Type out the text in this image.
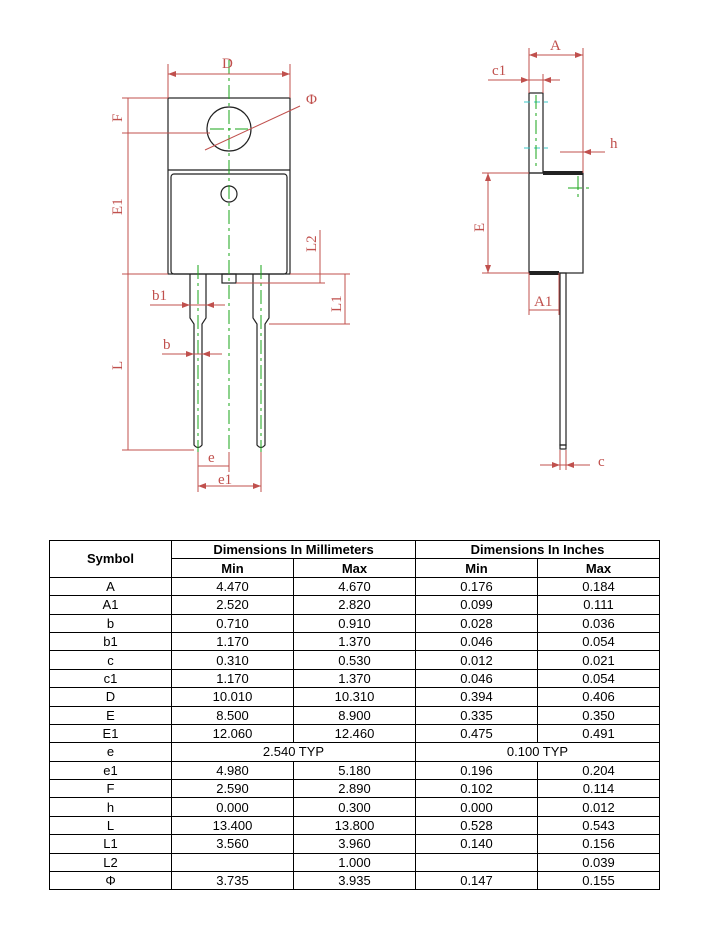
D
Φ
F
E1
L
L2
L1
b1
b
e
e1
A
c1
h
E
A1
c
Symbol	Dimensions In Millimeters		Dimensions In Inches	
	Min	Max	Min	Max
A	4.470	4.670	0.176	0.184
A1	2.520	2.820	0.099	0.111
b	0.710	0.910	0.028	0.036
b1	1.170	1.370	0.046	0.054
c	0.310	0.530	0.012	0.021
c1	1.170	1.370	0.046	0.054
D	10.010	10.310	0.394	0.406
E	8.500	8.900	0.335	0.350
E1	12.060	12.460	0.475	0.491
e	2.540 TYP		0.100 TYP	
e1	4.980	5.180	0.196	0.204
F	2.590	2.890	0.102	0.114
h	0.000	0.300	0.000	0.012
L	13.400	13.800	0.528	0.543
L1	3.560	3.960	0.140	0.156
L2		1.000		0.039
Φ	3.735	3.935	0.147	0.155
